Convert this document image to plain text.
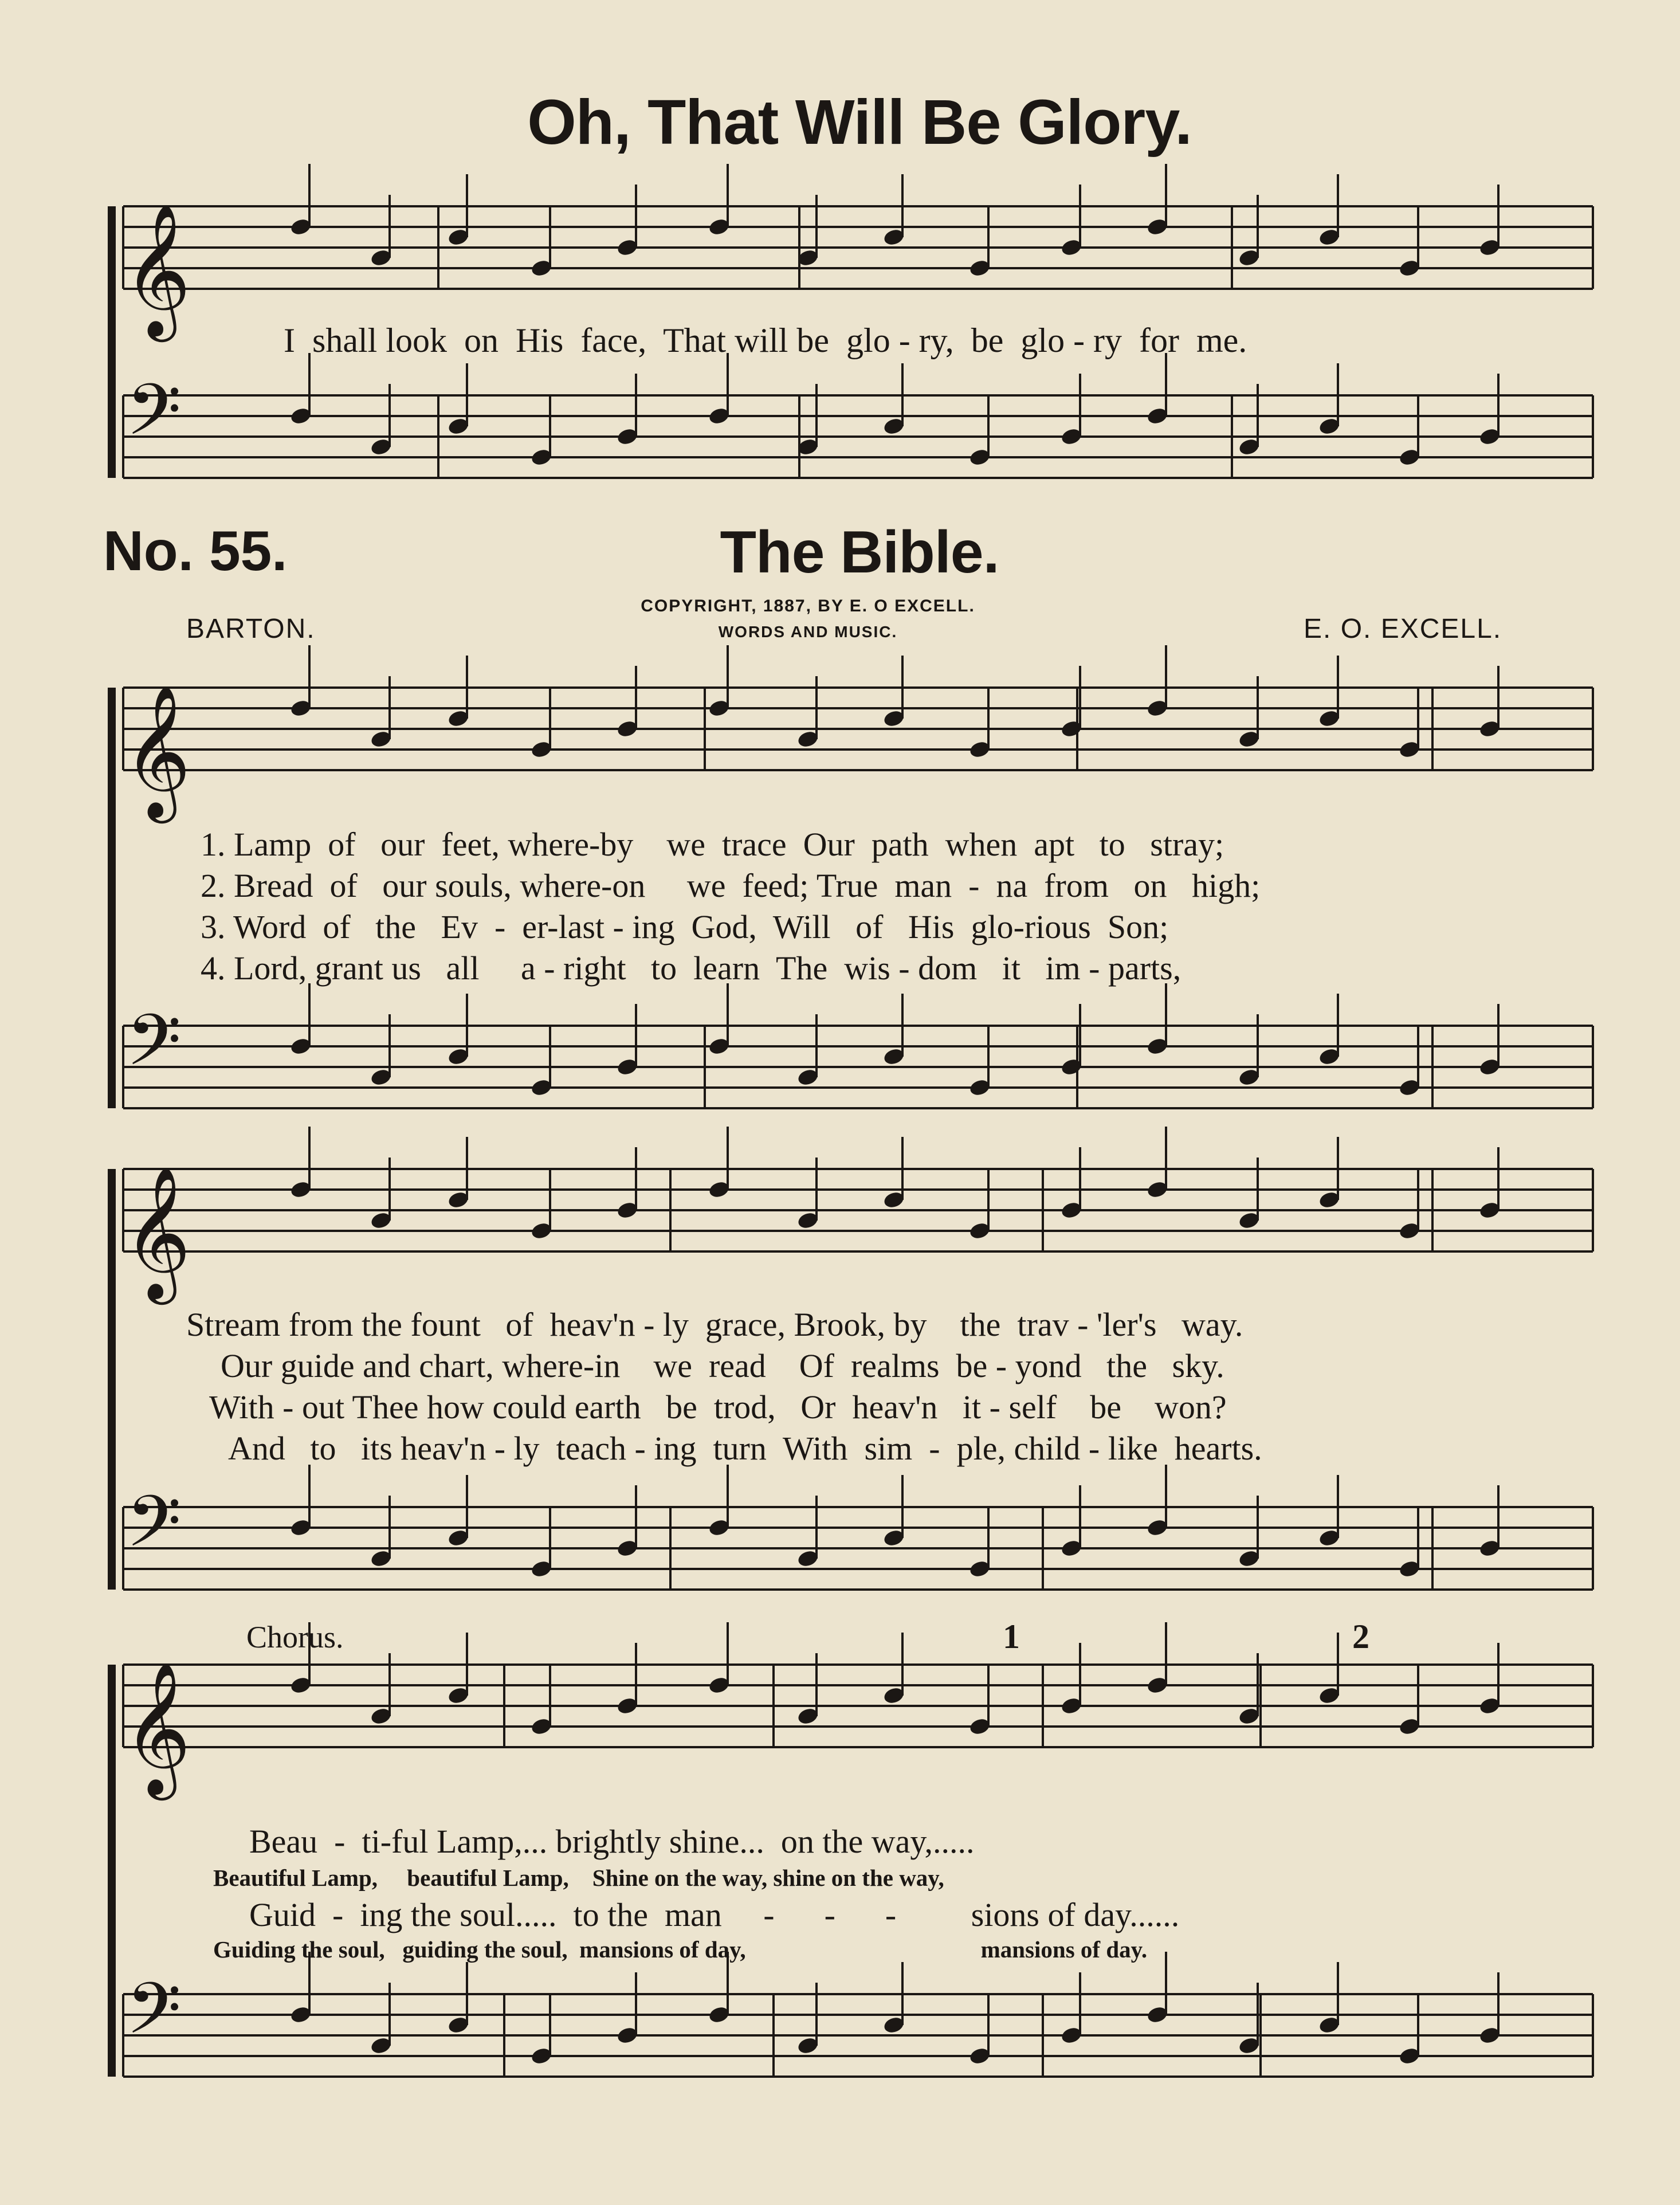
Oh, That Will Be Glory.
𝄞
𝄢
𝄞
𝄢
𝄞
𝄢
𝄞
𝄢
I  shall look  on  His  face,  That will be  glo - ry,  be  glo - ry  for  me.
No. 55.	The Bible.
BARTON.	E. O. EXCELL.
COPYRIGHT, 1887, BY E. O EXCELL.
WORDS AND MUSIC.
1. Lamp  of   our  feet, where-by    we  trace  Our  path  when  apt   to   stray;
2. Bread  of   our souls, where-on     we  feed; True  man  -  na  from   on   high;
3. Word  of   the   Ev  -  er-last - ing  God,  Will   of   His  glo-rious  Son;
4. Lord, grant us   all     a - right   to  learn  The  wis - dom   it   im - parts,
Stream from the fount   of  heav'n - ly  grace, Brook, by    the  trav - 'ler's   way.
Our guide and chart, where-in    we  read    Of  realms  be - yond   the   sky.
With - out Thee how could earth   be  trod,   Or  heav'n   it - self    be    won?
And   to   its heav'n - ly  teach - ing  turn  With  sim  -  ple, child - like  hearts.
Chorus.	1	2
Beau  -  ti-ful Lamp,... brightly shine...  on the way,.....
Beautiful Lamp,     beautiful Lamp,    Shine on the way, shine on the way,
Guid  -  ing the soul.....  to the  man     -      -      -         sions of day......
Guiding the soul,   guiding the soul,  mansions of day,                                        mansions of day.
